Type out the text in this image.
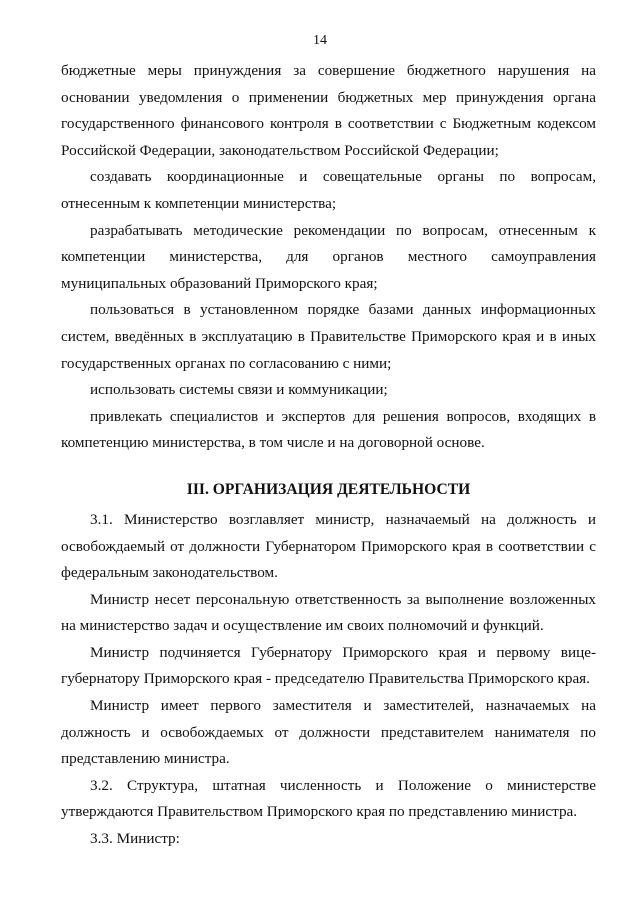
14

бюджетные меры принуждения за совершение бюджетного нарушения на основании уведомления о применении бюджетных мер принуждения органа государственного финансового контроля в соответствии с Бюджетным кодексом Российской Федерации, законодательством Российской Федерации;

создавать координационные и совещательные органы по вопросам, отнесенным к компетенции министерства;

разрабатывать методические рекомендации по вопросам, отнесенным к компетенции министерства, для органов местного самоуправления муниципальных образований Приморского края;

пользоваться в установленном порядке базами данных информационных систем, введённых в эксплуатацию в Правительстве Приморского края и в иных государственных органах по согласованию с ними;

использовать системы связи и коммуникации;

привлекать специалистов и экспертов для решения вопросов, входящих в компетенцию министерства, в том числе и на договорной основе.

III. ОРГАНИЗАЦИЯ ДЕЯТЕЛЬНОСТИ

3.1. Министерство возглавляет министр, назначаемый на должность и освобождаемый от должности Губернатором Приморского края в соответствии с федеральным законодательством.

Министр несет персональную ответственность за выполнение возложенных на министерство задач и осуществление им своих полномочий и функций.

Министр подчиняется Губернатору Приморского края и первому вице-губернатору Приморского края - председателю Правительства Приморского края.

Министр имеет первого заместителя и заместителей, назначаемых на должность и освобождаемых от должности представителем нанимателя по представлению министра.

3.2. Структура, штатная численность и Положение о министерстве утверждаются Правительством Приморского края по представлению министра.

3.3. Министр:
